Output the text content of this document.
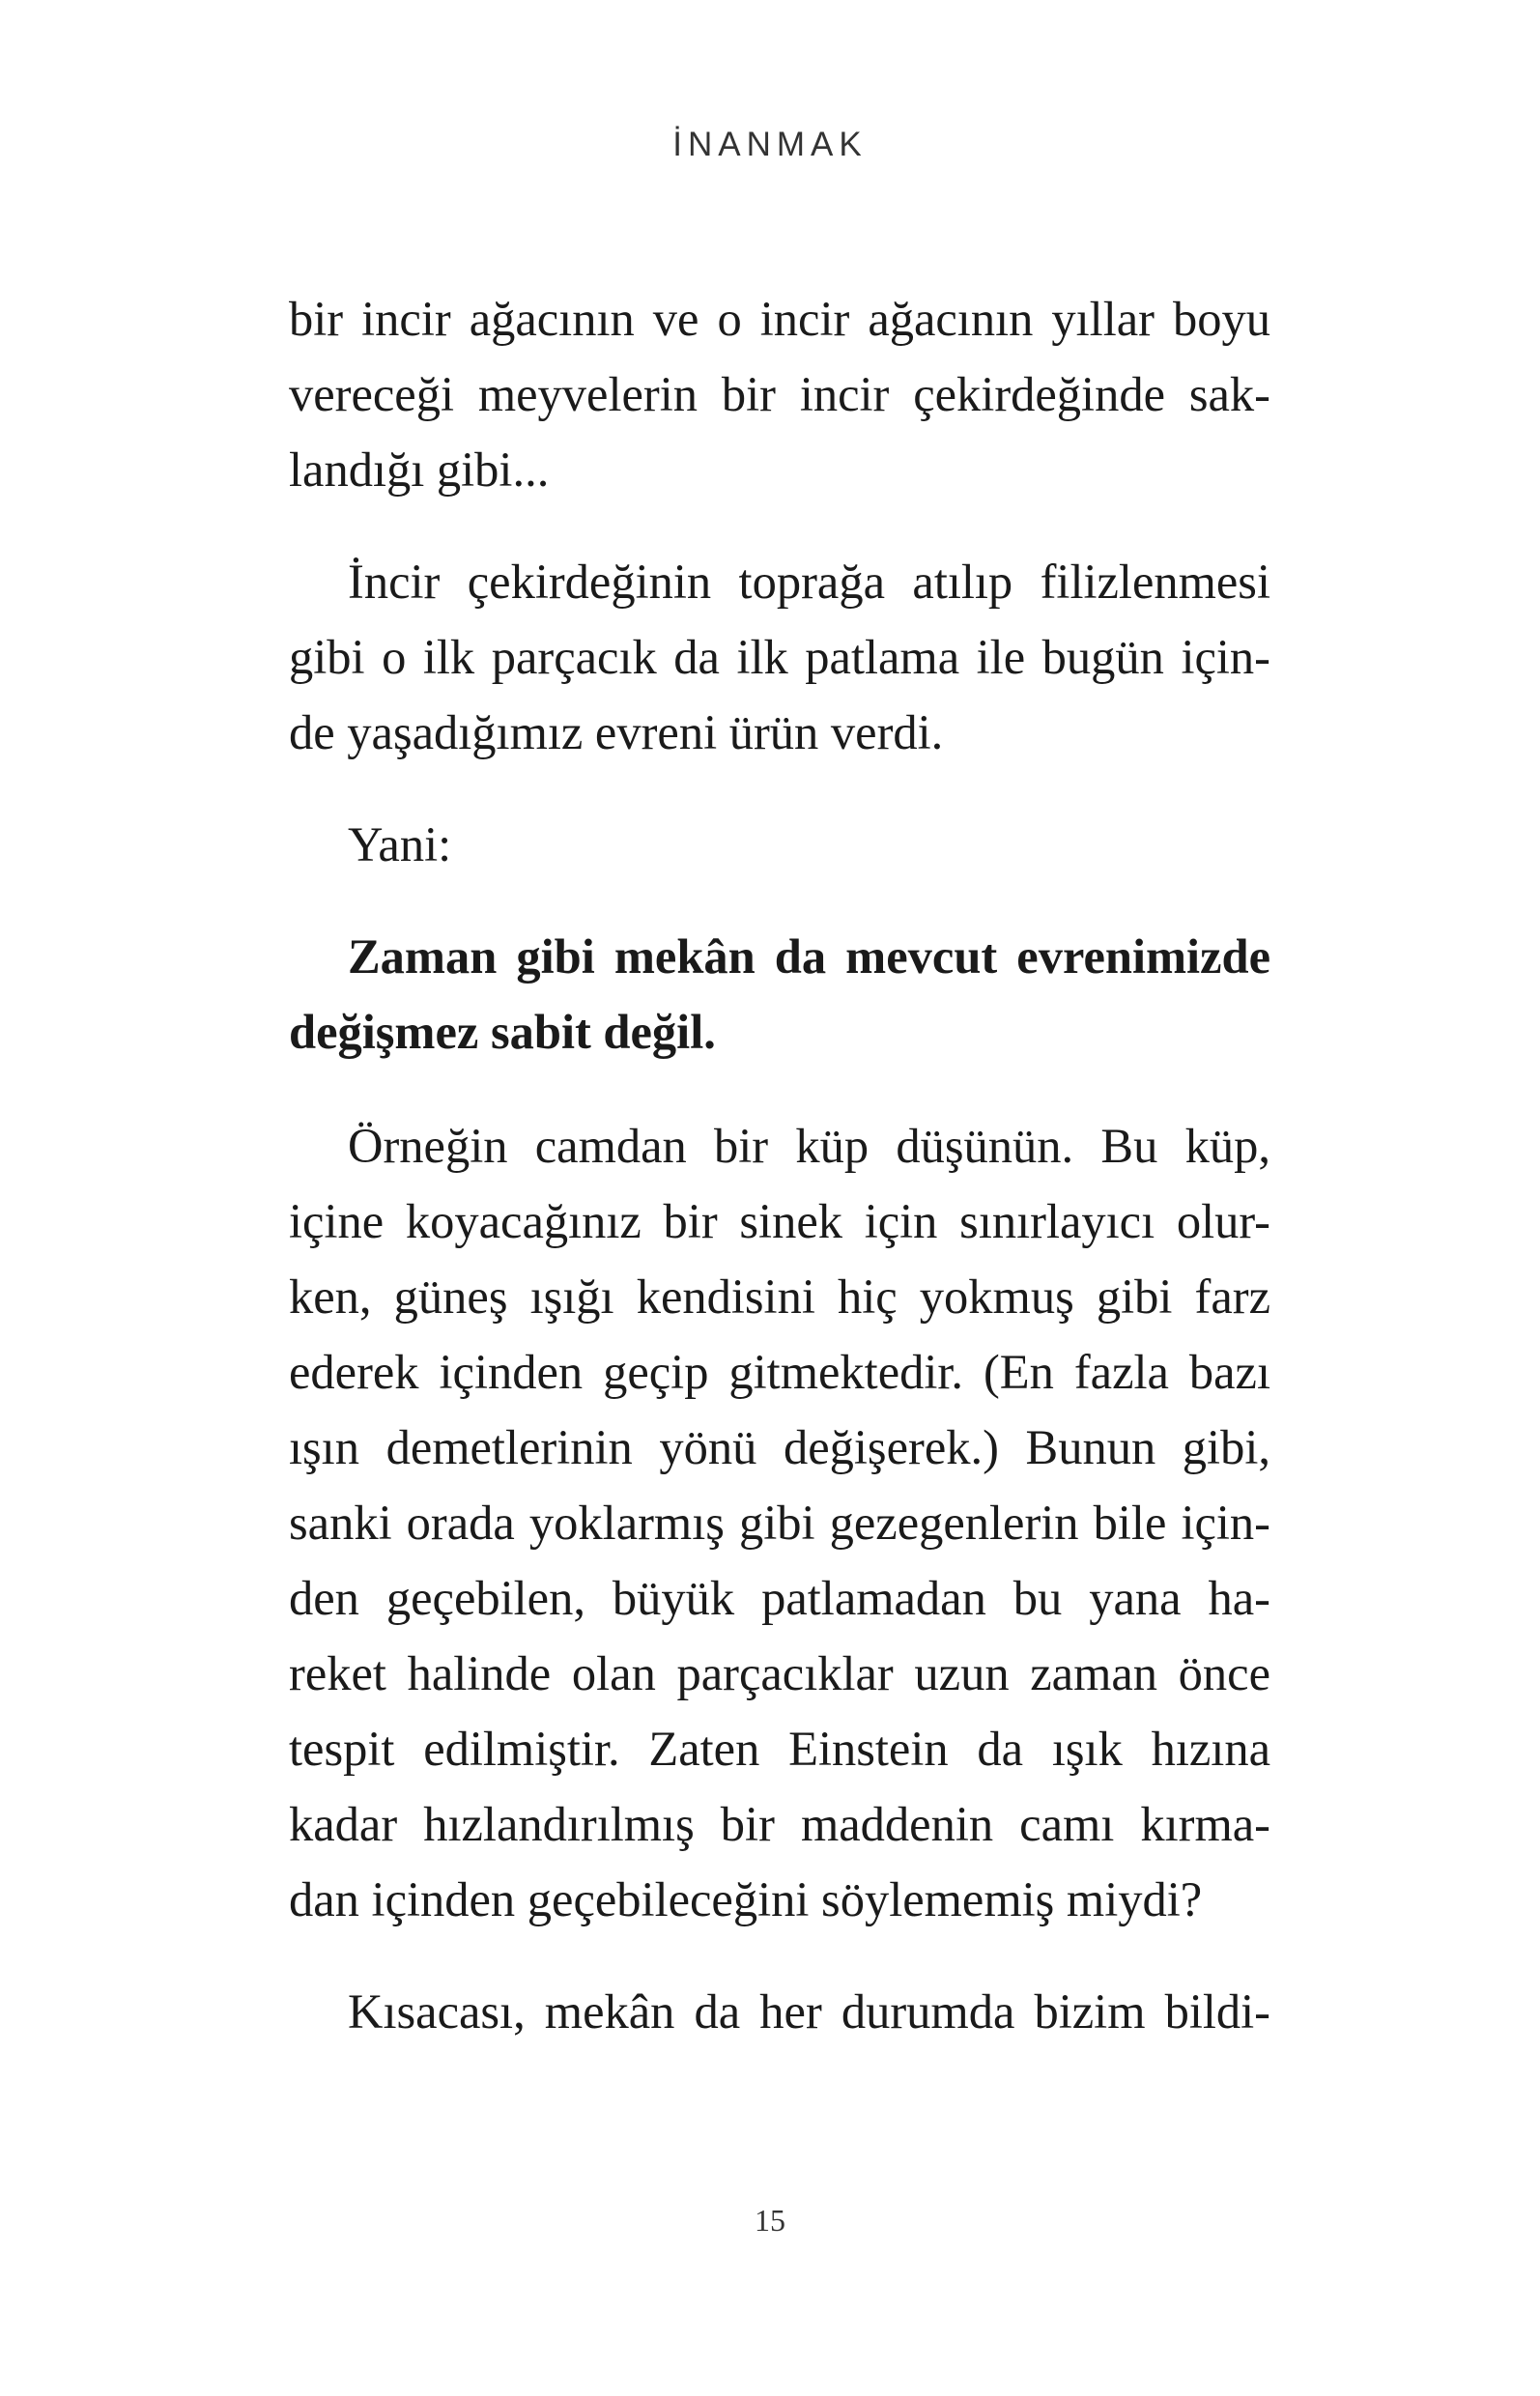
İNANMAK
bir incir ağacının ve o incir ağacının yıllar boyu
vereceği meyvelerin bir incir çekirdeğinde sak-
landığı gibi...
İncir çekirdeğinin toprağa atılıp filizlenmesi
gibi o ilk parçacık da ilk patlama ile bugün için-
de yaşadığımız evreni ürün verdi.
Yani:
Zaman gibi mekân da mevcut evrenimizde
değişmez sabit değil.
Örneğin camdan bir küp düşünün. Bu küp,
içine koyacağınız bir sinek için sınırlayıcı olur-
ken, güneş ışığı kendisini hiç yokmuş gibi farz
ederek içinden geçip gitmektedir. (En fazla bazı
ışın demetlerinin yönü değişerek.) Bunun gibi,
sanki orada yoklarmış gibi gezegenlerin bile için-
den geçebilen, büyük patlamadan bu yana ha-
reket halinde olan parçacıklar uzun zaman önce
tespit edilmiştir. Zaten Einstein da ışık hızına
kadar hızlandırılmış bir maddenin camı kırma-
dan içinden geçebileceğini söylememiş miydi?
Kısacası, mekân da her durumda bizim bildi-
15
